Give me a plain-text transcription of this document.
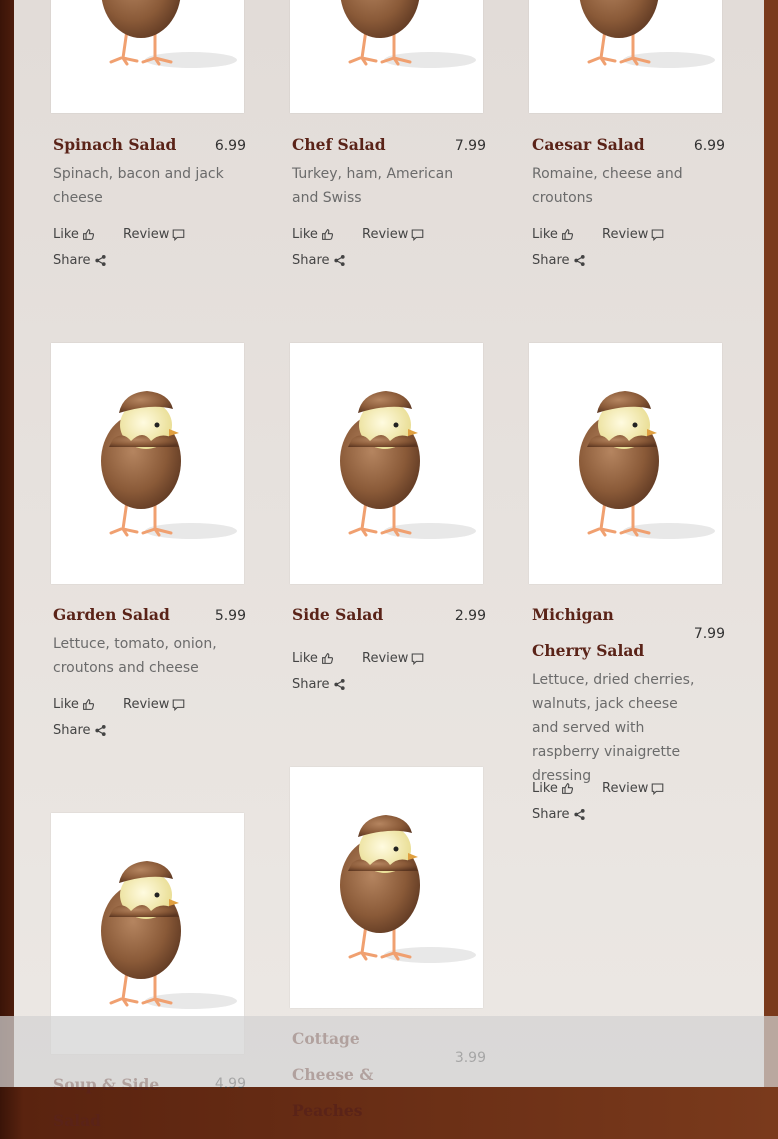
Spinach Salad	6.99
Spinach, bacon and jack cheese
Like	Review
Share
Chef Salad	7.99
Turkey, ham, American and Swiss
Like	Review
Share
Caesar Salad	6.99
Romaine, cheese and croutons
Like	Review
Share
Garden Salad	5.99
Lettuce, tomato, onion, croutons and cheese
Like	Review
Share
Side Salad	2.99
Like	Review
Share
Michigan Cherry Salad
7.99
Lettuce, dried cherries, walnuts, jack cheese and served with raspberry vinaigrette dressing
Like	Review
Share
Peaches
Salad
